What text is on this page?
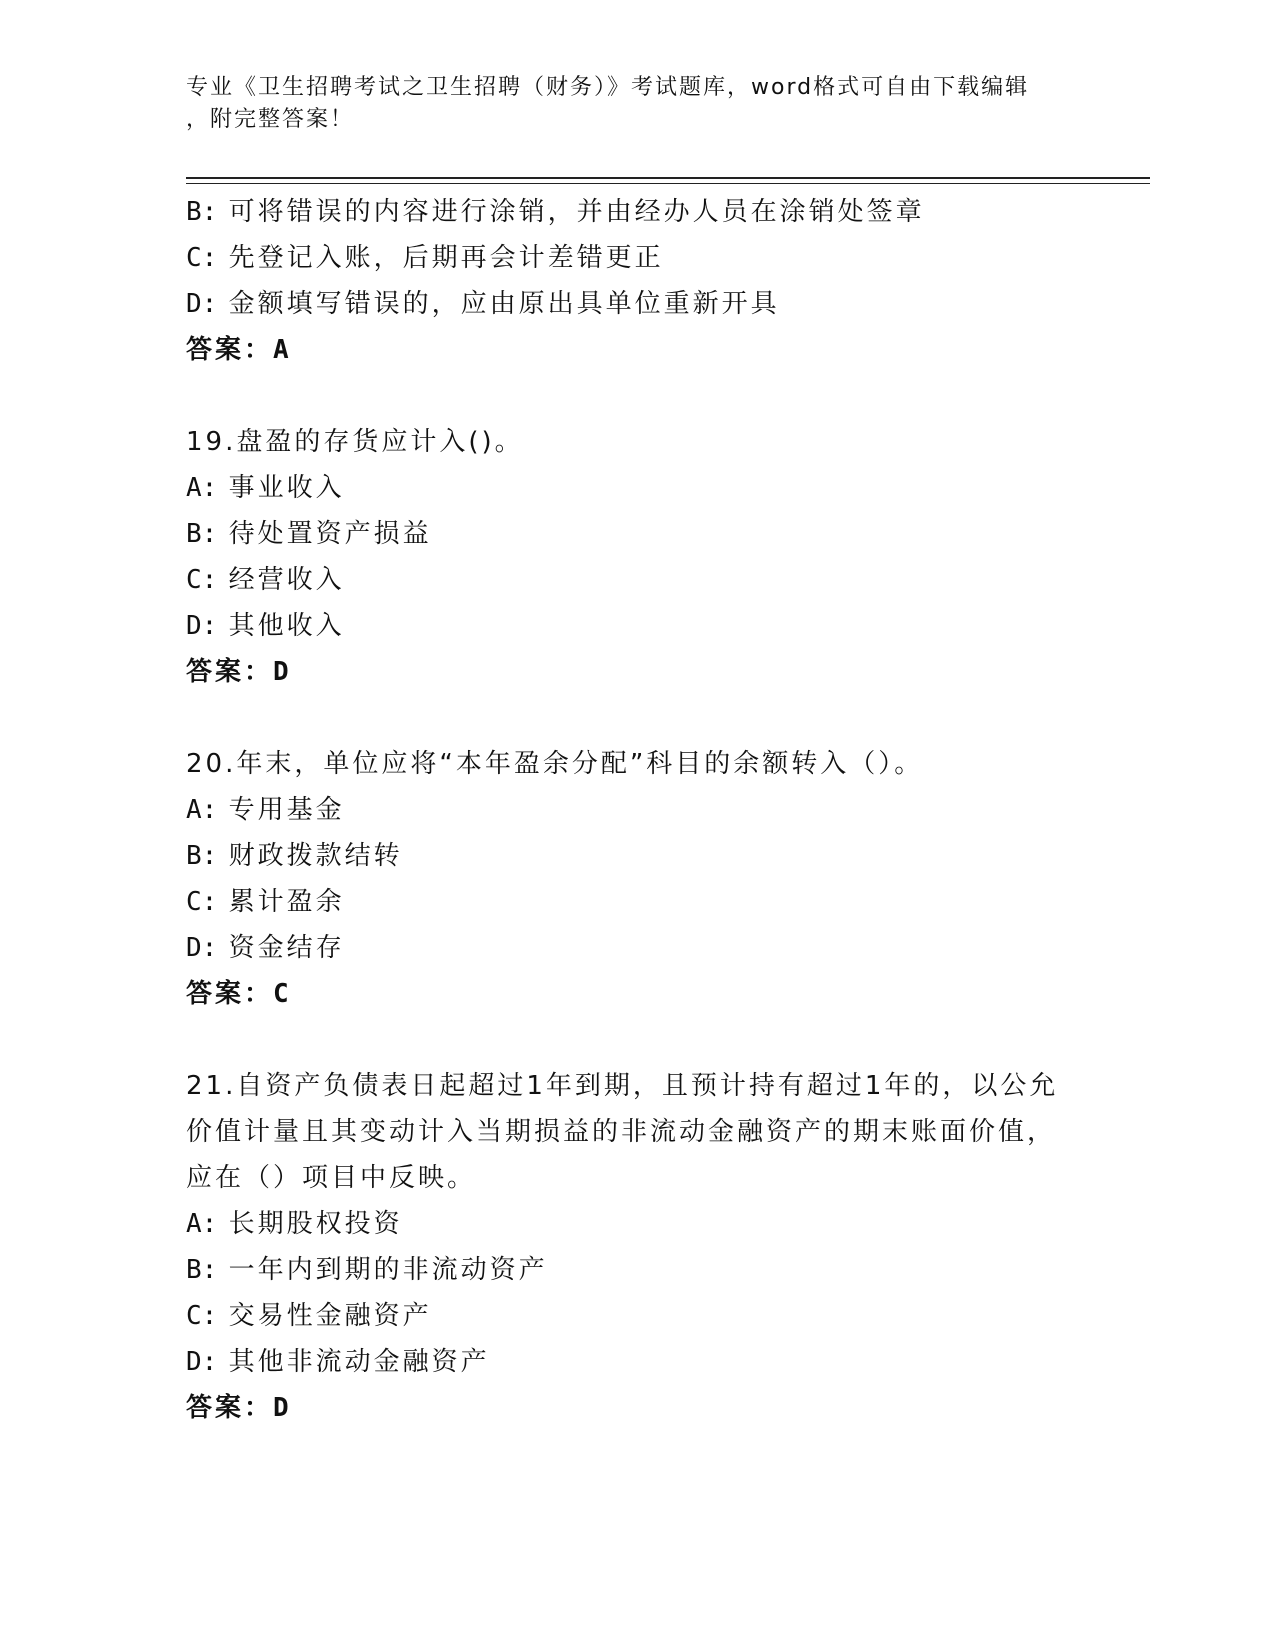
专业《卫生招聘考试之卫生招聘（财务）》考试题库，word格式可自由下载编辑
，附完整答案！
B: 可将错误的内容进行涂销，并由经办人员在涂销处签章
C: 先登记入账，后期再会计差错更正
D: 金额填写错误的，应由原出具单位重新开具
答案：A
19.盘盈的存货应计入()。
A: 事业收入
B: 待处置资产损益
C: 经营收入
D: 其他收入
答案：D
20.年末，单位应将“本年盈余分配”科目的余额转入（）。
A: 专用基金
B: 财政拨款结转
C: 累计盈余
D: 资金结存
答案：C
21.自资产负债表日起超过1年到期，且预计持有超过1年的，以公允
价值计量且其变动计入当期损益的非流动金融资产的期末账面价值，
应在（）项目中反映。
A: 长期股权投资
B: 一年内到期的非流动资产
C: 交易性金融资产
D: 其他非流动金融资产
答案：D
